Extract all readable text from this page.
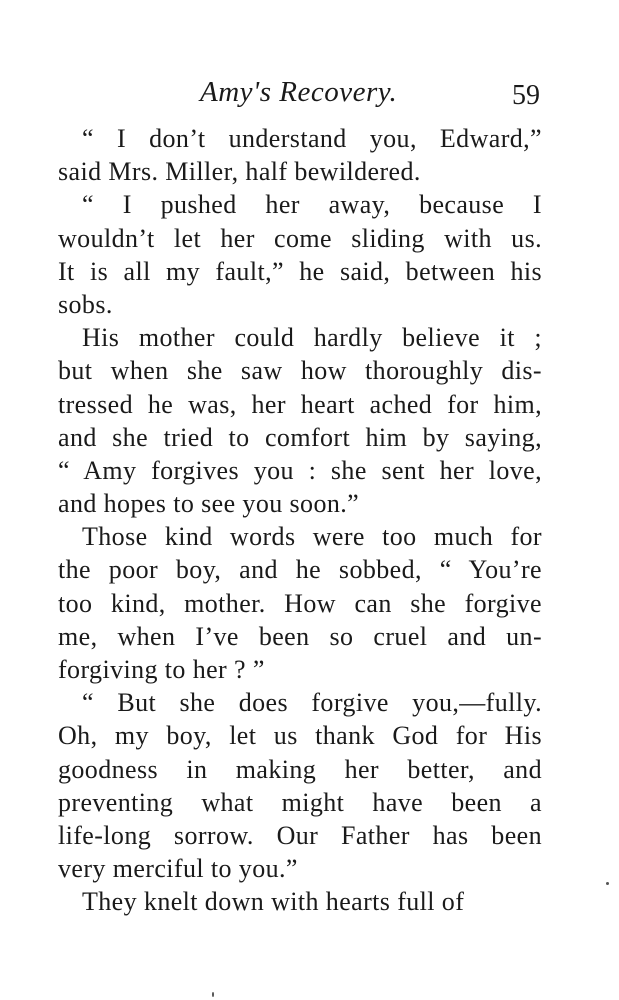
Amy's Recovery.	59
“ I don’t understand you, Edward,”
said Mrs. Miller, half bewildered.
“ I pushed her away, because I
wouldn’t let her come sliding with us.
It is all my fault,” he said, between his
sobs.
His mother could hardly believe it ;
but when she saw how thoroughly dis-
tressed he was, her heart ached for him,
and she tried to comfort him by saying,
“ Amy forgives you : she sent her love,
and hopes to see you soon.”
Those kind words were too much for
the poor boy, and he sobbed, “ You’re
too kind, mother. How can she forgive
me, when I’ve been so cruel and un-
forgiving to her ? ”
“ But she does forgive you,—fully.
Oh, my boy, let us thank God for His
goodness in making her better, and
preventing what might have been a
life-long sorrow. Our Father has been
very merciful to you.”
They knelt down with hearts full of
